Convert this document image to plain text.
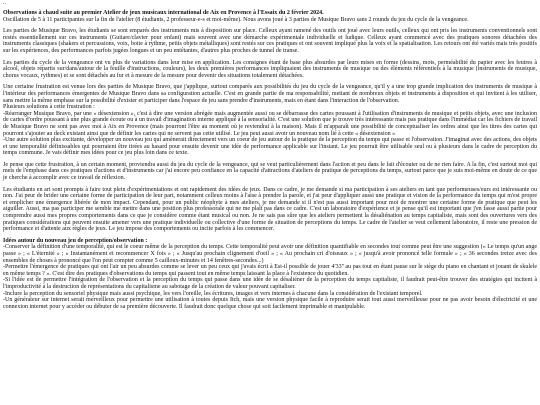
..

Observations à chaud suite au premier Atelier de jeux musicaux international de Aix en Provence à l'Essaix du 2 février 2024.
Oscillation de 5 à 11 participantes sur la fin de l'atelier (8 étudiants, 2 professeur-e-s et moi-même). Nous avons joué à 3 parties de Musique Bravo sans 2 rounds du jeu du cycle de la vengeance.

Les parties de Musique Bravo, les étudiants se sont emparés des instruments mis à disposition sur place. Celleux ayant ramené des outils ont joué avec leurs outils, celleux qui ont pris les instruments conventionnels sont restés essentiellement sur ces instruments (Guitare/clavier pour enfant) mais souvent avec une démarche expérimentale individuelle et ludique. Celleux ayant commencé avec des pratiques sonores détachées des instruments classiques (shakers et percussions, voix, boite à rythme, petits objets métalliques) sont restés sur ces pratiques et ont souvent impliqué plus la voix et la spatialisation. Les retours ont été variés mais très positifs sur les expériences, des performances parfois jugées longues et un peu entêtantes, d'autres plus proches de tunnel de transe.

Les parties du cycle de la vengeance ont vu plus de variations dans leur mise en application. Les consignes étant de base plus absurdes par leurs mises en forme (dessins, mots, perméabilité du papier avec les feutres à alcool, objets répartis sur/dans/autour de la feuille d'instructions, couleurs), les deux premières performances impliquaient des instruments de musique ou des éléments référentiels à la musique (instruments de musique, chorus vocaux, rythmes) et se sont détachés au fur et à mesure de la mesure pour devenir des situations totalement détachées.

Une certaine frustration est venue lors des parties de Musique Bravo, que j'applique, surtout comparés aux possibilités du jeu du cycle de la vengeance, qu'il y a une trop grande implication des instruments de musique à l'intérieur des performances émergentes de Musique Bravo dans sa configuration actuelle. C'est en grande partie de ma responsabilité, mettant de nombreux objets et instruments à disposition et qui invitent à les utiliser, sans mettre la même emphase sur la possibilité d'exister et participer dans l'espace de jeu sans prendre d'instruments, mais en étant dans l'interaction de l'observation.
Plusieurs solutions à cette frustration :
-Réarranger Musique Bravo, par une « désextension », c'est à dire une version abrégée mais augmentée aussi ou se débarrasse des cartes poussant à l'utilisation d'instruments de musique et petits objets, avec une inclusion de cartes d'ordre poussant à une plus grande écoute ou à un travail d'imagination interne appliqué à la sensorialité. C'est une solution que je trouve très intéressante mais pas pratique dans l'immédiat car les fichiers de travail de Musique Bravo ne sont pas avec moi à Aix en Provence (mais pourront l'être au moment où je reviendrai à la maison). Mais il m'apparaît une possibilité de conceptualiser les ordres ainsi que les titres des cartes qui pourront s'ajouter au deck existant ainsi que de définir les cartes qui ne servent pas cette utilisé. Le jeu peut aussi avoir un nouveau nom lié à cette « désextension »
-Une autre solution plus excitante, développer un nouveau jeu qui amènerait directement vers un coeur de jeu autour de la pratique de la perception du temps qui passe et l'observation. J'imaginai avec des actions, des objets et une temporalité définissables qui pourraient être tirées au hasard pour ensuite devenir une idée de performance applicable sur l'instant. Le jeu pourrait être utilisable seul ou à plusieurs dans le cadre de perception du temps commune. Je vais définir mes idées pour ce jeu plus loin dans ce texte.

Je pense que cette frustration, à un certain moment, proviendra aussi du jeu du cycle de la vengeance, qui se veut particulièrement dans l'action et peu dans le fait d'écouter ou de ne rien faire. A la fin, c'est surtout moi qui mets de l'emphase dans ces pratiques d'actions et d'instruments car j'ai encore peu confiance en la capacité d'attractions d'ateliers de pratique de perceptions du temps, surtout parce que je suis moi-même en doute de ce que je cherche à accomplir avec ce travail de réflexion.

Les étudiants en art sont prompts à faire tout plein d'expérimentations et ont rapidement des idées de jeux. Dans ce cadre, je me demande si ma participation à ses ateliers en tant que performeuses/eurs est intéressante ou non. J'ai peur de brider une certaine forme de participation de leur part, notamment celleux moins à l'aise à prendre la parole, et j'ai peur d'appliquer aussi une pratique et vision de la performance du temps qui m'est propre et emplicher une émergence libérée de mon impact. Cependant, pour un public néophyte à mes ateliers, je me demande si il n'est pas aussi important pour moi de montrer une certaine forme de pratique que peut les aiguiller. Aussi, ma pas participer me semble me mettre dans une position plus professorale qui ne me plaît pas dans ce cadre. C'est un laboratoire d'expérience et je pense qu'il est important que j'en fasse aussi partie pour comprendre aussi mes propres comportements dans ce que je considère comme étant musical ou non. Je ne sais pas sûre que les ateliers permettent la désaliénation au temps capitaliste, mais sont des ouvertures vers des pratiques considérations qui peuvent ensuite amener vers une pratique individuelle ou collective d'une forme de situation de perceptions du temps. Le cadre de l'atelier se veut cellement laboratoire, il reste une pression de performance et d'attente aux règles de jeux. Le jeu impose des comportements ou incite parfois à les commencer.

Idées autour du nouveau jeu de perception/observation :
-Conserver la définition d'une temporalité, qui est le coeur même de la perception du temps. Cette temporalité peut avoir une définition quantifiable en secondes tout comme peut être une suggestion (« Le temps qu'un ange passe » ; « L'éternité » ; « Instantanément et recommencer X fois » ; « Jusqu'au prochain clignement d'oeil » ; « Au prochain cri d'oiseaux » ; « jusqu'à avoir prononcé telle formule » ; « 36 secondes treize avec des ensembles de choses à prononcé que l'on peut compter comme 5 cailloux-minutes et 14 fenêtres-secondes...)
-Permettre l'émergence de pratiques qui ont l'air un peu absurdes comme se lever un peu ceux qui j'avais écrit à Est-il possible de jouer 4'33'' au pas tout en étant pause sur le siège du piano en chantant et jouant de skulele en même temps ? ». C'est dire des pratiques d'observations du temps qui passent tout en même temps laissant la place à l'existence du quotidien.
-Si l'idée est de permettre l'intégration de l'observation et la perception du temps qui passe dans une idée de se désaliéner de la perception du temps capitaliste, il faudrait peut-être trouver des stratégies qui incitent à l'improductivité à la destruction de représentations du capitalisme au sabotage de la création de valeur pouvant capitaliser.
-Inclure la perception du sensoriel physique mais aussi psychique, les vers l'oreille, les écritures, images et vers internes à chacune dans la considération de l'existant temporel.
-Un générateur sur internet serait merveilleux pour permettre une utilisation à toutes depuis Itch, mais une version physique facile à reproduire serait tout aussi merveilleuse pour ne pas avoir besoin d'électricité et une connexion internet pour y accéder ou débuter de sa première découverte. Il faudrait donc quelque chose qui soit facilement imprimable et manipulable.
